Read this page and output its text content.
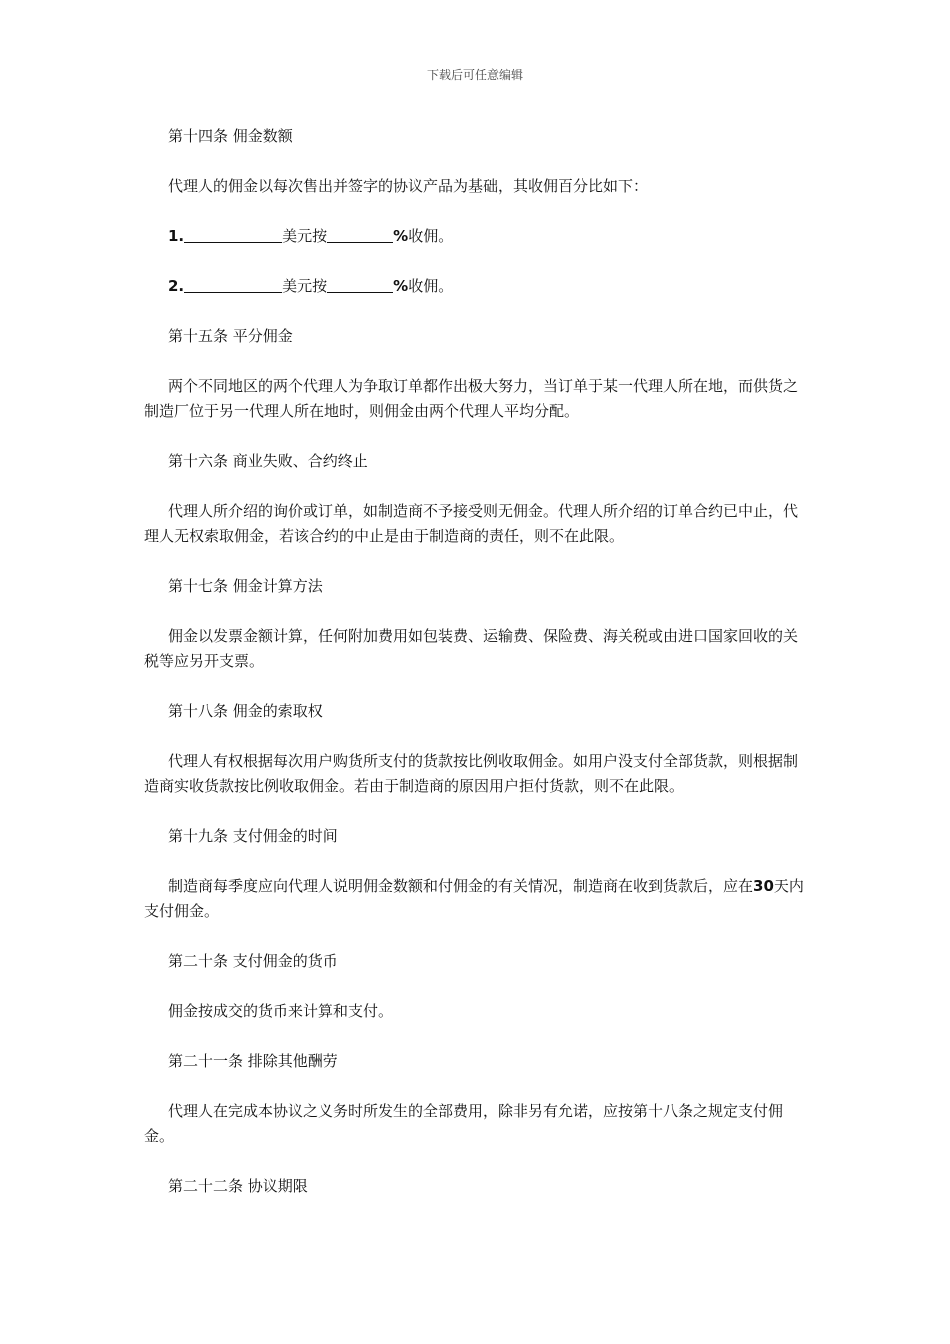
下载后可任意编辑

第十四条 佣金数额

代理人的佣金以每次售出并签字的协议产品为基础，其收佣百分比如下：

1.	美元按	%收佣。

2.	美元按	%收佣。

第十五条 平分佣金

两个不同地区的两个代理人为争取订单都作出极大努力，当订单于某一代理人所在地，而供货之制造厂位于另一代理人所在地时，则佣金由两个代理人平均分配。

第十六条 商业失败、合约终止

代理人所介绍的询价或订单，如制造商不予接受则无佣金。代理人所介绍的订单合约已中止，代理人无权索取佣金，若该合约的中止是由于制造商的责任，则不在此限。

第十七条 佣金计算方法

佣金以发票金额计算，任何附加费用如包装费、运输费、保险费、海关税或由进口国家回收的关税等应另开支票。

第十八条 佣金的索取权

代理人有权根据每次用户购货所支付的货款按比例收取佣金。如用户没支付全部货款，则根据制造商实收货款按比例收取佣金。若由于制造商的原因用户拒付货款，则不在此限。

第十九条 支付佣金的时间

制造商每季度应向代理人说明佣金数额和付佣金的有关情况，制造商在收到货款后，应在30天内支付佣金。

第二十条 支付佣金的货币

佣金按成交的货币来计算和支付。

第二十一条 排除其他酬劳

代理人在完成本协议之义务时所发生的全部费用，除非另有允诺，应按第十八条之规定支付佣金。

第二十二条 协议期限
